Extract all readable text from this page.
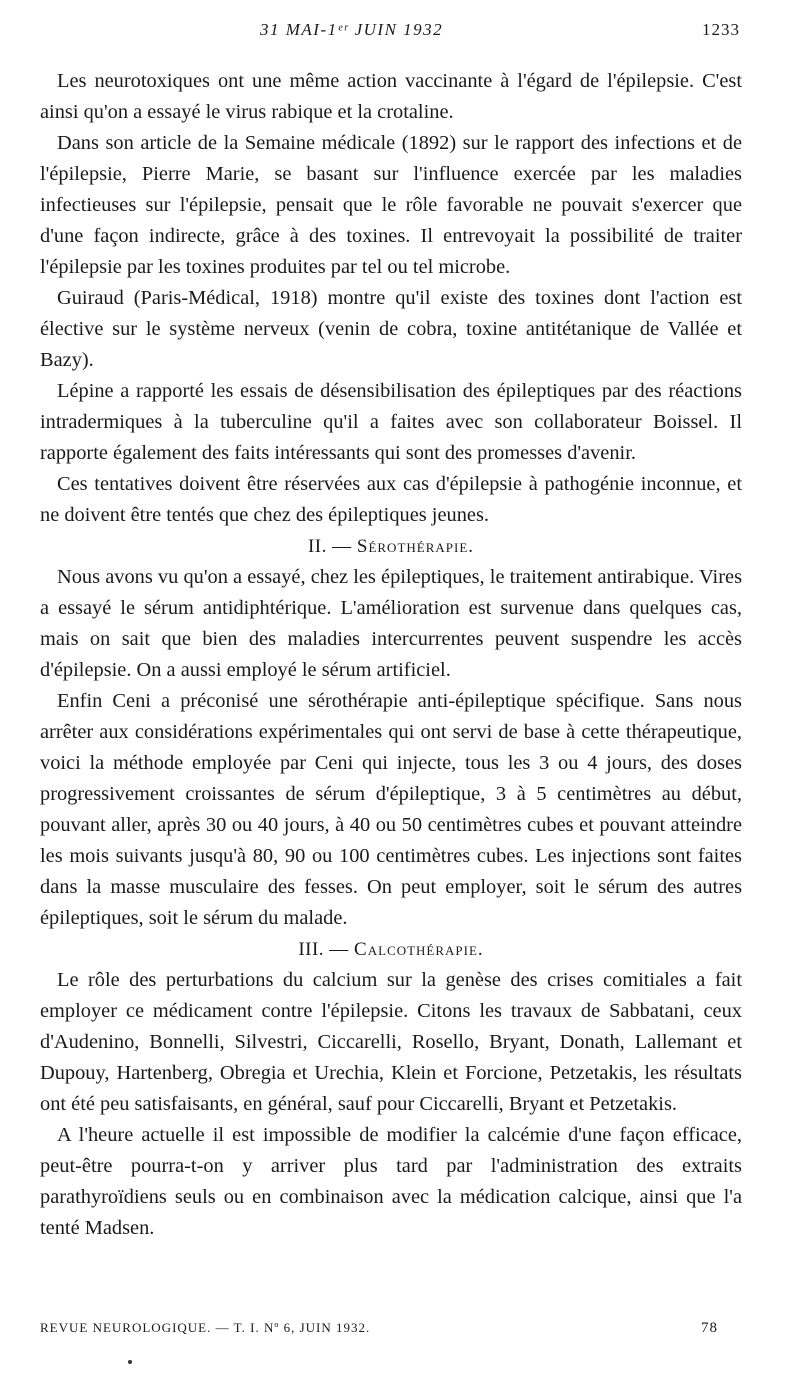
31 MAI-1ᵉʳ JUIN 1932	1233

Les neurotoxiques ont une même action vaccinante à l'égard de l'épilepsie. C'est ainsi qu'on a essayé le virus rabique et la crotaline.

Dans son article de la Semaine médicale (1892) sur le rapport des infections et de l'épilepsie, Pierre Marie, se basant sur l'influence exercée par les maladies infectieuses sur l'épilepsie, pensait que le rôle favorable ne pouvait s'exercer que d'une façon indirecte, grâce à des toxines. Il entrevoyait la possibilité de traiter l'épilepsie par les toxines produites par tel ou tel microbe.

Guiraud (Paris-Médical, 1918) montre qu'il existe des toxines dont l'action est élective sur le système nerveux (venin de cobra, toxine antitétanique de Vallée et Bazy).

Lépine a rapporté les essais de désensibilisation des épileptiques par des réactions intradermiques à la tuberculine qu'il a faites avec son collaborateur Boissel. Il rapporte également des faits intéressants qui sont des promesses d'avenir.

Ces tentatives doivent être réservées aux cas d'épilepsie à pathogénie inconnue, et ne doivent être tentés que chez des épileptiques jeunes.

II. — Sérothérapie.

Nous avons vu qu'on a essayé, chez les épileptiques, le traitement antirabique. Vires a essayé le sérum antidiphtérique. L'amélioration est survenue dans quelques cas, mais on sait que bien des maladies intercurrentes peuvent suspendre les accès d'épilepsie. On a aussi employé le sérum artificiel.

Enfin Ceni a préconisé une sérothérapie anti-épileptique spécifique. Sans nous arrêter aux considérations expérimentales qui ont servi de base à cette thérapeutique, voici la méthode employée par Ceni qui injecte, tous les 3 ou 4 jours, des doses progressivement croissantes de sérum d'épileptique, 3 à 5 centimètres au début, pouvant aller, après 30 ou 40 jours, à 40 ou 50 centimètres cubes et pouvant atteindre les mois suivants jusqu'à 80, 90 ou 100 centimètres cubes. Les injections sont faites dans la masse musculaire des fesses. On peut employer, soit le sérum des autres épileptiques, soit le sérum du malade.

III. — Calcothérapie.

Le rôle des perturbations du calcium sur la genèse des crises comitiales a fait employer ce médicament contre l'épilepsie. Citons les travaux de Sabbatani, ceux d'Audenino, Bonnelli, Silvestri, Ciccarelli, Rosello, Bryant, Donath, Lallemant et Dupouy, Hartenberg, Obregia et Urechia, Klein et Forcione, Petzetakis, les résultats ont été peu satisfaisants, en général, sauf pour Ciccarelli, Bryant et Petzetakis.

A l'heure actuelle il est impossible de modifier la calcémie d'une façon efficace, peut-être pourra-t-on y arriver plus tard par l'administration des extraits parathyroïdiens seuls ou en combinaison avec la médication calcique, ainsi que l'a tenté Madsen.

REVUE NEUROLOGIQUE. — T. I. Nº 6, JUIN 1932.	78
